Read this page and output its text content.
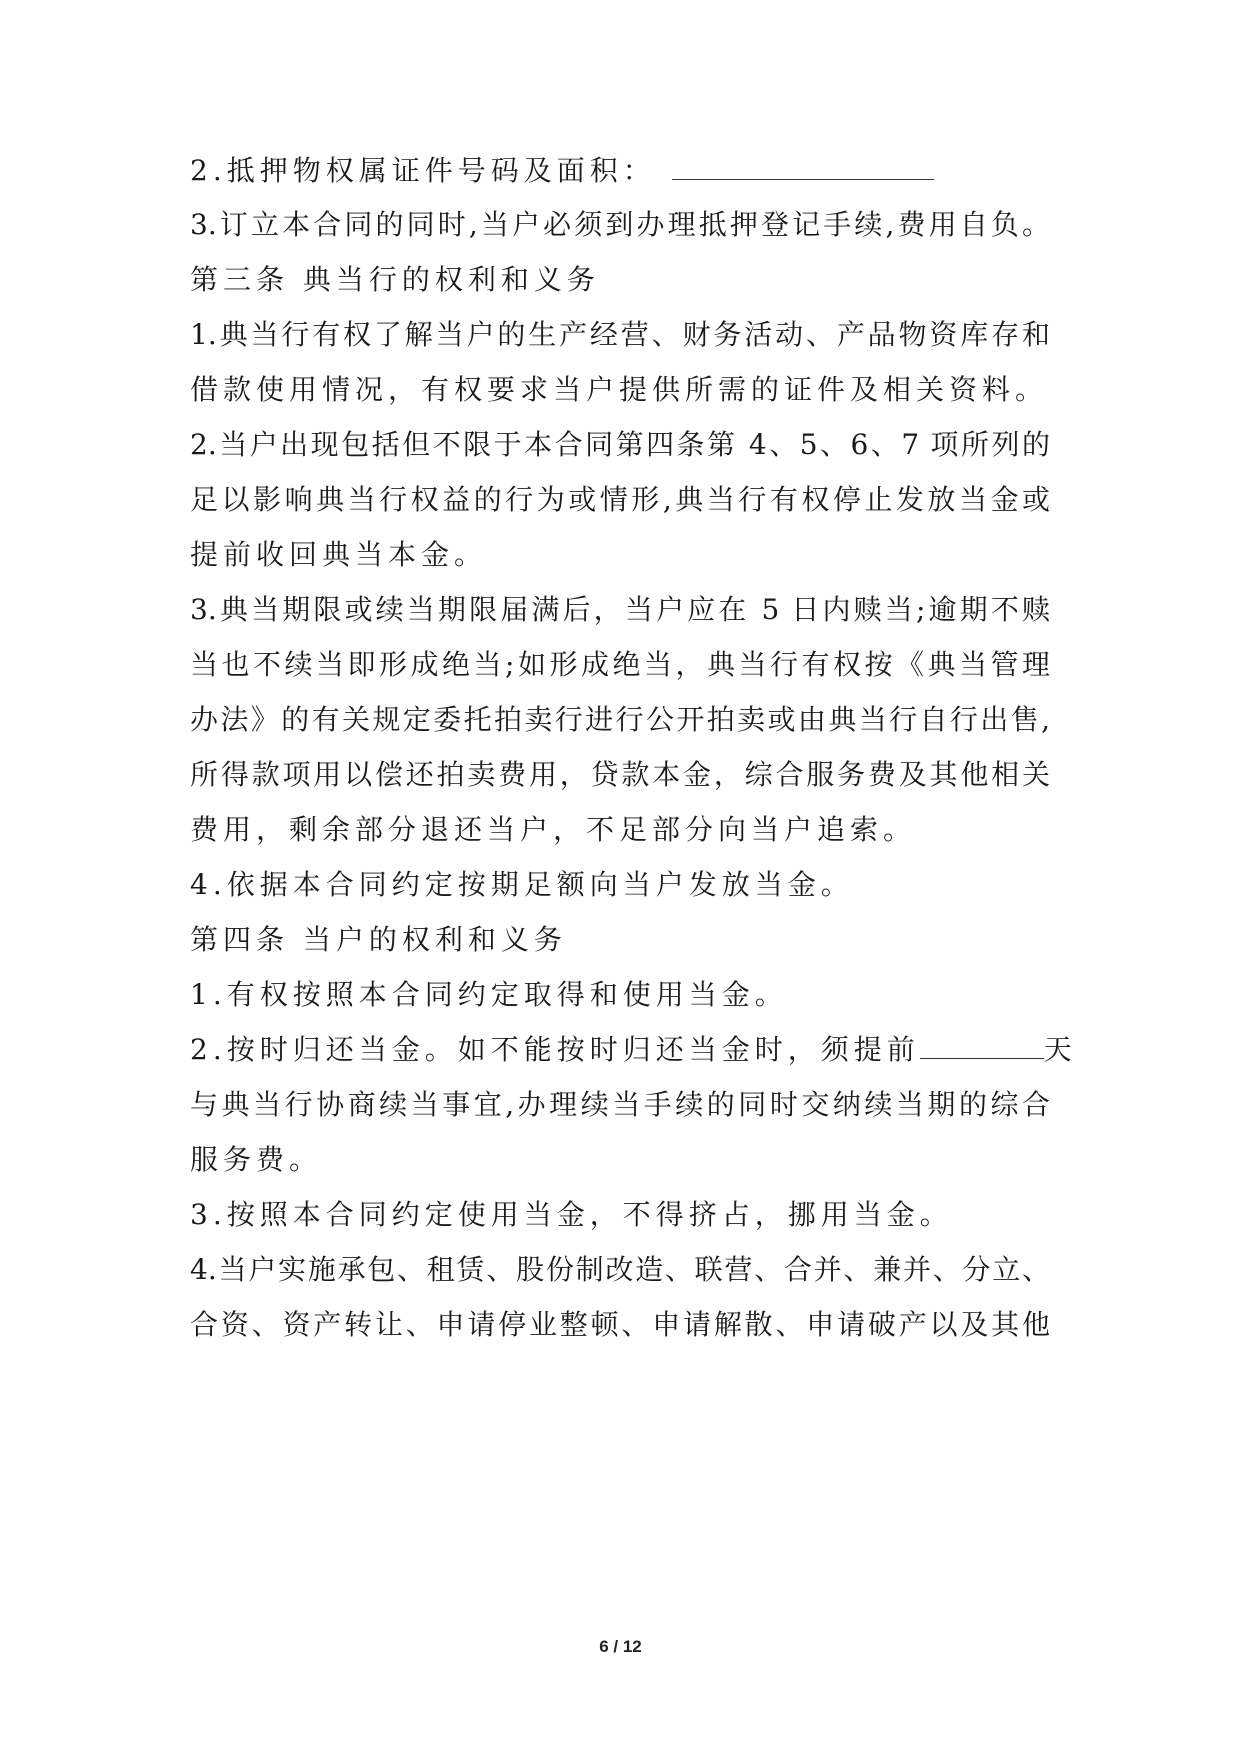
2.抵押物权属证件号码及面积：
3.订立本合同的同时,当户必须到办理抵押登记手续,费用自负。
第三条 典当行的权利和义务
1.典当行有权了解当户的生产经营、财务活动、产品物资库存和
借款使用情况，有权要求当户提供所需的证件及相关资料。
2.当户出现包括但不限于本合同第四条第 4、5、6、7 项所列的
足以影响典当行权益的行为或情形,典当行有权停止发放当金或
提前收回典当本金。
3.典当期限或续当期限届满后，当户应在 5 日内赎当;逾期不赎
当也不续当即形成绝当;如形成绝当，典当行有权按《典当管理
办法》的有关规定委托拍卖行进行公开拍卖或由典当行自行出售,
所得款项用以偿还拍卖费用，贷款本金，综合服务费及其他相关
费用，剩余部分退还当户，不足部分向当户追索。
4.依据本合同约定按期足额向当户发放当金。
第四条 当户的权利和义务
1.有权按照本合同约定取得和使用当金。
2.按时归还当金。如不能按时归还当金时，须提前	天
与典当行协商续当事宜,办理续当手续的同时交纳续当期的综合
服务费。
3.按照本合同约定使用当金，不得挤占，挪用当金。
4.当户实施承包、租赁、股份制改造、联营、合并、兼并、分立、
合资、资产转让、申请停业整顿、申请解散、申请破产以及其他
6 / 12
